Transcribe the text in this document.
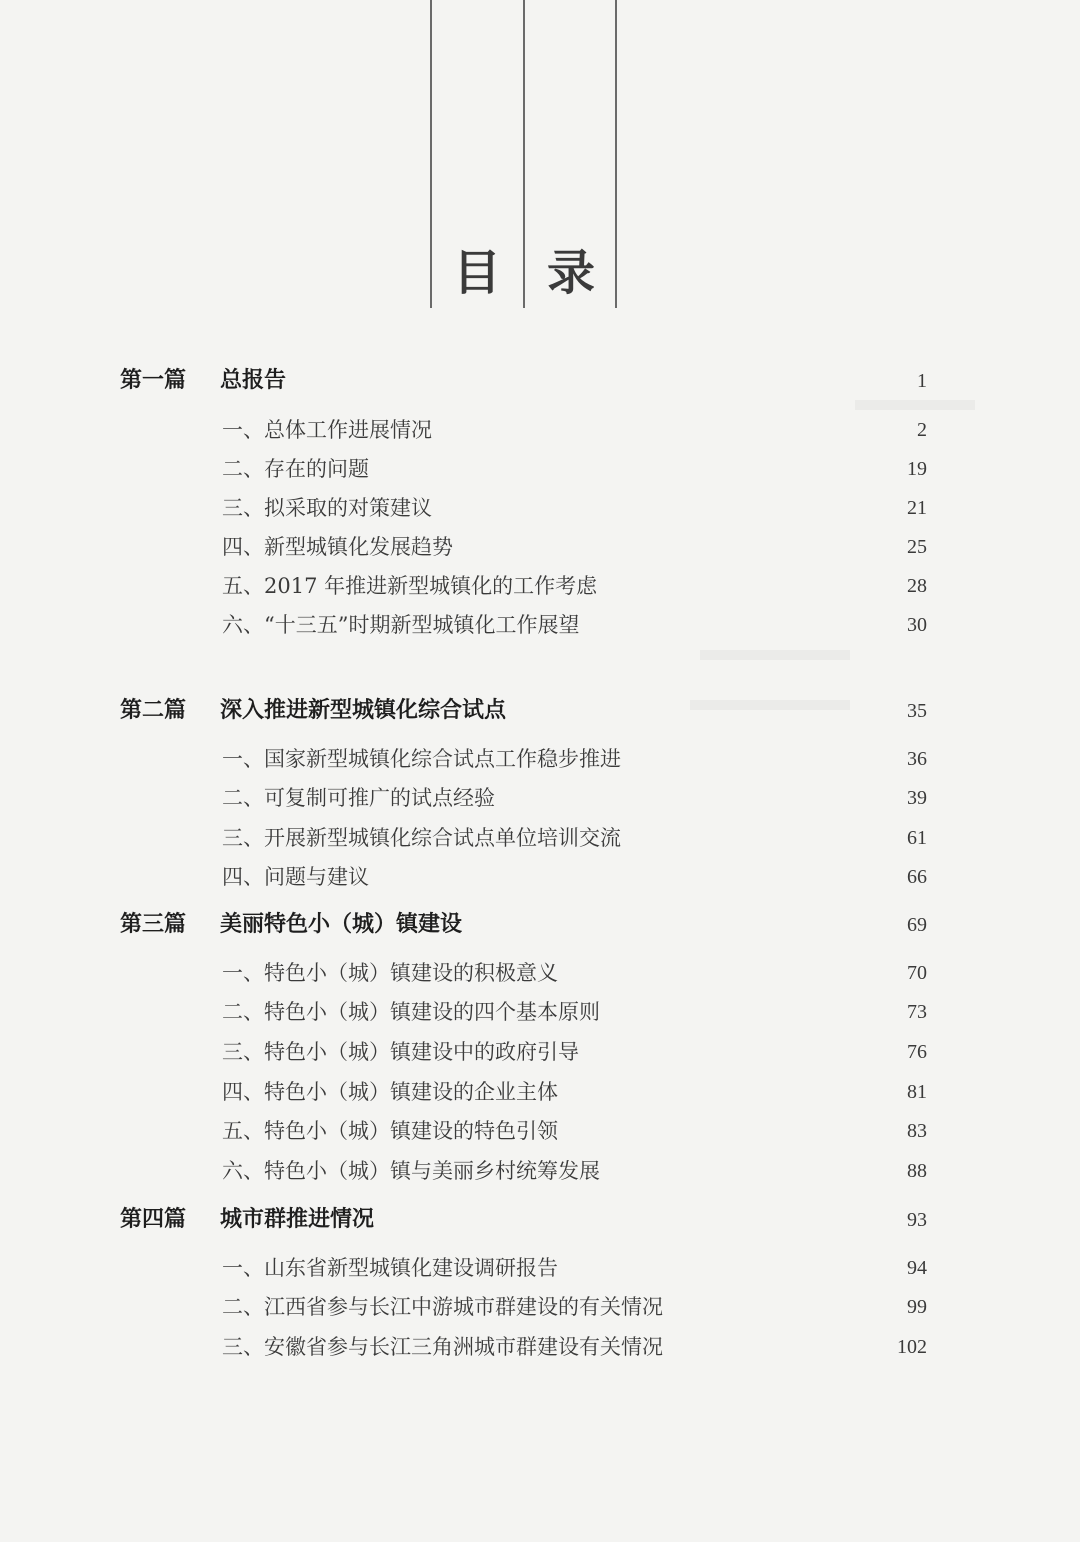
目 录
第一篇 总报告	1
一、总体工作进展情况	2
二、存在的问题	19
三、拟采取的对策建议	21
四、新型城镇化发展趋势	25
五、2017 年推进新型城镇化的工作考虑	28
六、“十三五”时期新型城镇化工作展望	30
第二篇 深入推进新型城镇化综合试点	35
一、国家新型城镇化综合试点工作稳步推进	36
二、可复制可推广的试点经验	39
三、开展新型城镇化综合试点单位培训交流	61
四、问题与建议	66
第三篇 美丽特色小（城）镇建设	69
一、特色小（城）镇建设的积极意义	70
二、特色小（城）镇建设的四个基本原则	73
三、特色小（城）镇建设中的政府引导	76
四、特色小（城）镇建设的企业主体	81
五、特色小（城）镇建设的特色引领	83
六、特色小（城）镇与美丽乡村统筹发展	88
第四篇 城市群推进情况	93
一、山东省新型城镇化建设调研报告	94
二、江西省参与长江中游城市群建设的有关情况	99
三、安徽省参与长江三角洲城市群建设有关情况	102
